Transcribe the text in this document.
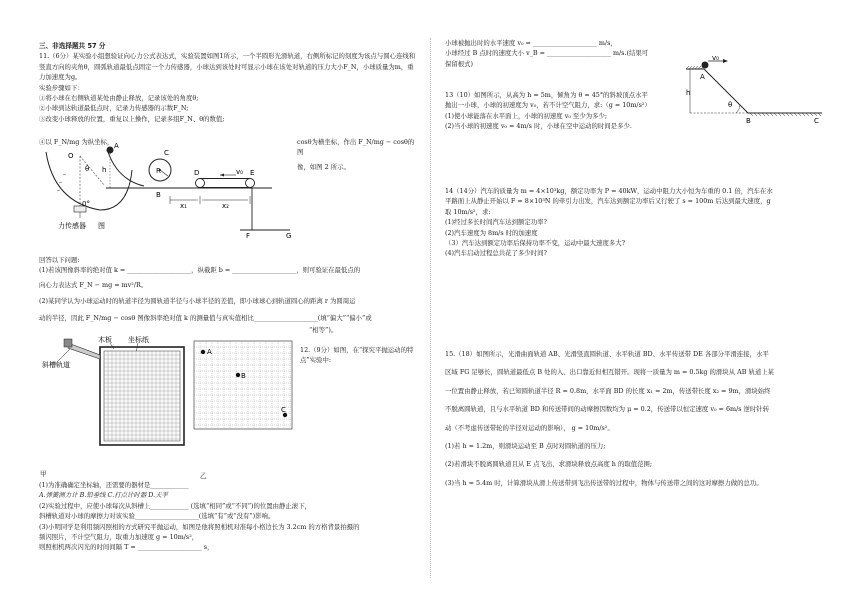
三、非选择题共 57 分

11.（6分）某实验小组想验证向心力公式表达式，实验装置如图1所示，一个半圆形光滑轨道，右侧所标记的刻度为该点与圆心连线和竖直方向的夹角θ，圆弧轨道最低点固定一个力传感器，小球达到该处时可显示小球在该处对轨道的压力大小F_N，小球质量为m，重力加速度为g。

实验步骤如下：

①将小球在右侧轨道某处由静止释放，记录该处的角度θ;

②小球到达轨道最低点时，记录力传感器的示数F_N;

③改变小球释放的位置，重复以上操作，记录多组F_N、θ的数值;

④以 F_N/mg 为纵坐标，	cosθ为横坐标，作出 F_N/mg − cosθ的图

像，如图 2 所示。

O
θ h
A
0°
力传感器 图
C
R
B
D	E
v₀
x₁	x₂
F	G

回答以下问题:

(1)若该图像斜率的绝对值 k = ____________________，纵截距 b = ____________________，则可验证在最低点的

向心力表达式 F_N − mg = mv²/R。

(2)某同学认为小球运动时的轨道半径为圆轨道半径与小球半径的差值，即小球球心到轨道圆心的距离 r 为圆周运

动的半径，因此 F_N/mg − cosθ 图像斜率绝对值 k 的测量值与真实值相比____________________(填“偏大”“偏小”或

“相等”)。

木板 坐标纸
斜槽轨道
A
B
C

12.（9分）如图，在“探究平抛运动的特点”实验中:

甲	乙

(1)为准确确定坐标轴，还需要的器材是____________

A.弹簧测力计 B.铅垂线 C.打点计时器 D.天平

(2)实验过程中，应使小球每次从斜槽上____________ (选填“相同”或“不同”)的位置由静止滚下，

斜槽轨道对小球的摩擦力对该实验____________________(选填“有”或“没有”)影响。

(3)小明同学是利用频闪照相的方式研究平抛运动，如图是他将照相机对准每小格边长为 3.2cm 的方格背景拍摄的

频闪照片，不计空气阻力，取重力加速度 g = 10m/s²，

则照相机两次闪光的时间间隔 T = ____________________ s，

小球被抛出时的水平速度 v₀ = ____________________ m/s，

小球经过 B 点时的速度大小 v_B = ____________________ m/s.(结果可

保留根式)

13（10）如图所示，从高为 h = 5m，倾角为 θ = 45°的斜坡顶点水平

抛出一小球，小球的初速度为 v₀，若不计空气阻力，求:（g = 10m/s²）

(1)使小球能落在水平面上，小球的初速度 v₀ 至少为多少;

(2)当小球的初速度 v₀ = 4m/s 时，小球在空中运动的时间是多少.

v₀
A
h
θ
B	C

14（14分）汽车的质量为 m = 4×10³kg，额定功率为 P = 40kW，运动中阻力大小恒为车重的 0.1 倍，汽车在水

平路面上从静止开始以 F = 8×10³N 的牵引力出发，汽车达到额定功率后又行驶了 s = 100m 后达到最大速度，g

取 10m/s²，求:

(1)经过多长时间汽车达到额定功率?

(2)汽车速度为 8m/s 时的加速度

（3）汽车达到额定功率后保持功率不变，运动中最大速度多大?

(4)汽车启动过程总共花了多少时间?

15.（18）如图所示，光滑曲面轨道 AB、光滑竖直圆轨道、水平轨道 BD、水平传送带 DE 各部分平滑连接，水平

区域 FG 足够长，圆轨道最低点 B 处的入、出口靠近但相互错开。现将一质量为 m = 0.5kg 的滑块从 AB 轨道上某

一位置由静止释放，若已知圆轨道半径 R = 0.8m，水平面 BD 的长度 x₁ = 2m，传送带长度 x₂ = 9m，滑块始终

不脱离圆轨道，且与水平轨道 BD 和传送带间的动摩擦因数均为 μ = 0.2，传送带以恒定速度 v₀ = 6m/s 逆时针转

动（不考虑传送带轮的半径对运动的影响）， g = 10m/s²。

(1)若 h = 1.2m，则滑块运动至 B 点时对圆轨道的压力;

(2)若滑块不脱离圆轨道且从 E 点飞出，求滑块释放点高度 h 的取值范围;

(3)当 h = 5.4m 时，计算滑块从滑上传送带到飞出传送带的过程中，物体与传送带之间的这对摩擦力做的总功。
